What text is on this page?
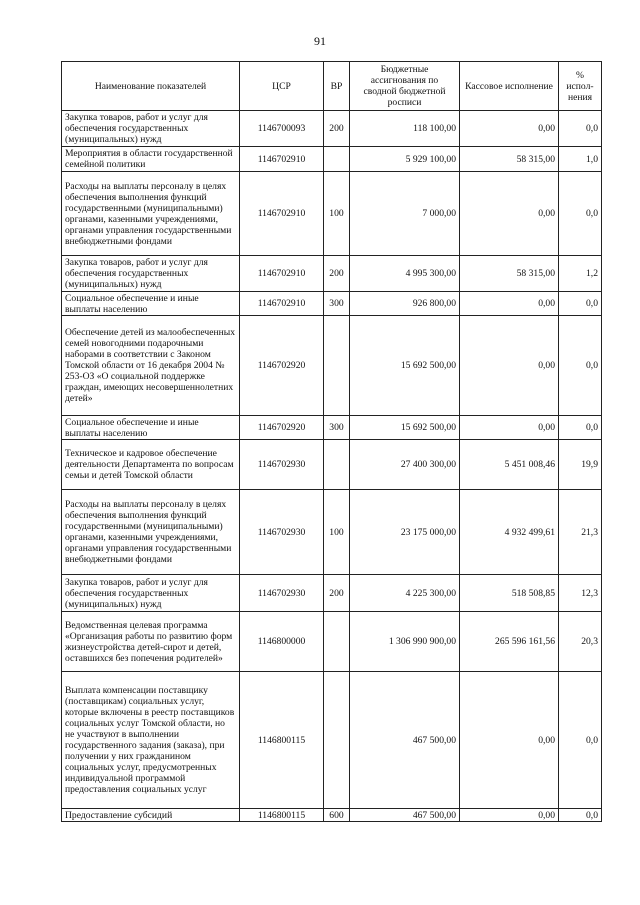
91
Наименование показателей	ЦСР	ВР	Бюджетные ассигнования по сводной бюджетной росписи	Кассовое исполнение	% испол-нения
Закупка товаров, работ и услуг для обеспечения государственных (муниципальных) нужд	1146700093	200	118 100,00	0,00	0,0
Мероприятия в области государственной семейной политики	1146702910		5 929 100,00	58 315,00	1,0
Расходы на выплаты персоналу в целях обеспечения выполнения функций государственными (муниципальными) органами, казенными учреждениями, органами управления государственными внебюджетными фондами	1146702910	100	7 000,00	0,00	0,0
Закупка товаров, работ и услуг для обеспечения государственных (муниципальных) нужд	1146702910	200	4 995 300,00	58 315,00	1,2
Социальное обеспечение и иные выплаты населению	1146702910	300	926 800,00	0,00	0,0
Обеспечение детей из малообеспеченных семей новогодними подарочными наборами в соответствии с Законом Томской области от 16 декабря 2004 № 253-ОЗ «О социальной поддержке граждан, имеющих несовершеннолетних детей»	1146702920		15 692 500,00	0,00	0,0
Социальное обеспечение и иные выплаты населению	1146702920	300	15 692 500,00	0,00	0,0
Техническое и кадровое обеспечение деятельности Департамента по вопросам семьи и детей Томской области	1146702930		27 400 300,00	5 451 008,46	19,9
Расходы на выплаты персоналу в целях обеспечения выполнения функций государственными (муниципальными) органами, казенными учреждениями, органами управления государственными внебюджетными фондами	1146702930	100	23 175 000,00	4 932 499,61	21,3
Закупка товаров, работ и услуг для обеспечения государственных (муниципальных) нужд	1146702930	200	4 225 300,00	518 508,85	12,3
Ведомственная целевая программа «Организация работы по развитию форм жизнеустройства детей-сирот и детей, оставшихся без попечения родителей»	1146800000		1 306 990 900,00	265 596 161,56	20,3
Выплата компенсации поставщику (поставщикам) социальных услуг, которые включены в реестр поставщиков социальных услуг Томской области, но не участвуют в выполнении государственного задания (заказа), при получении у них гражданином социальных услуг, предусмотренных индивидуальной программой предоставления социальных услуг	1146800115		467 500,00	0,00	0,0
Предоставление субсидий	1146800115	600	467 500,00	0,00	0,0
